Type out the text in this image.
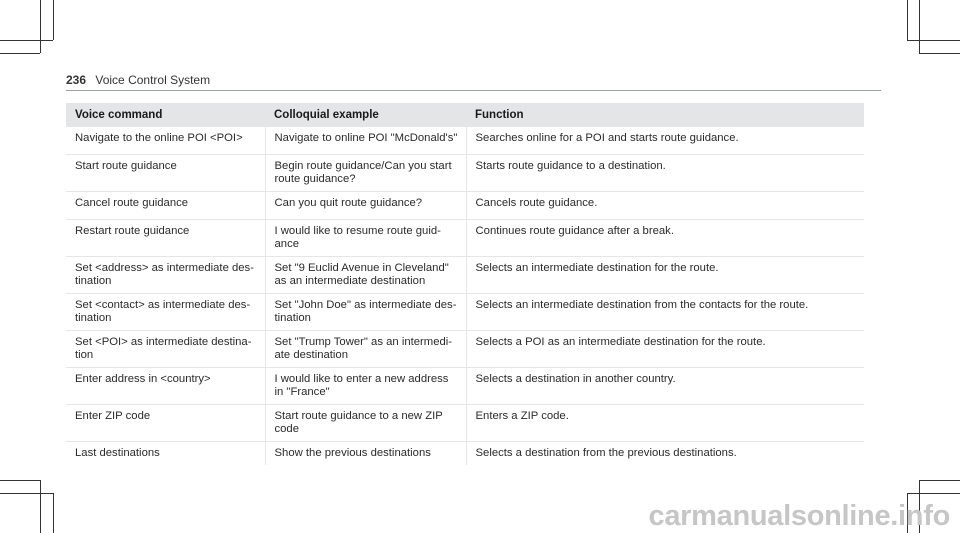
236 Voice Control System
Voice command	Colloquial example	Function
Navigate to the online POI <POI>	Navigate to online POI "McDonald's"	Searches online for a POI and starts route guidance.
Start route guidance	Begin route guidance/Can you start route guidance?	Starts route guidance to a destination.
Cancel route guidance	Can you quit route guidance?	Cancels route guidance.
Restart route guidance	I would like to resume route guid-ance	Continues route guidance after a break.
Set <address> as intermediate des-tination	Set "9 Euclid Avenue in Cleveland" as an intermediate destination	Selects an intermediate destination for the route.
Set <contact> as intermediate des-tination	Set "John Doe" as intermediate des-tination	Selects an intermediate destination from the contacts for the route.
Set <POI> as intermediate destina-tion	Set "Trump Tower" as an intermedi-ate destination	Selects a POI as an intermediate destination for the route.
Enter address in <country>	I would like to enter a new address in "France"	Selects a destination in another country.
Enter ZIP code	Start route guidance to a new ZIP code	Enters a ZIP code.
Last destinations	Show the previous destinations	Selects a destination from the previous destinations.
carmanualsonline.info
